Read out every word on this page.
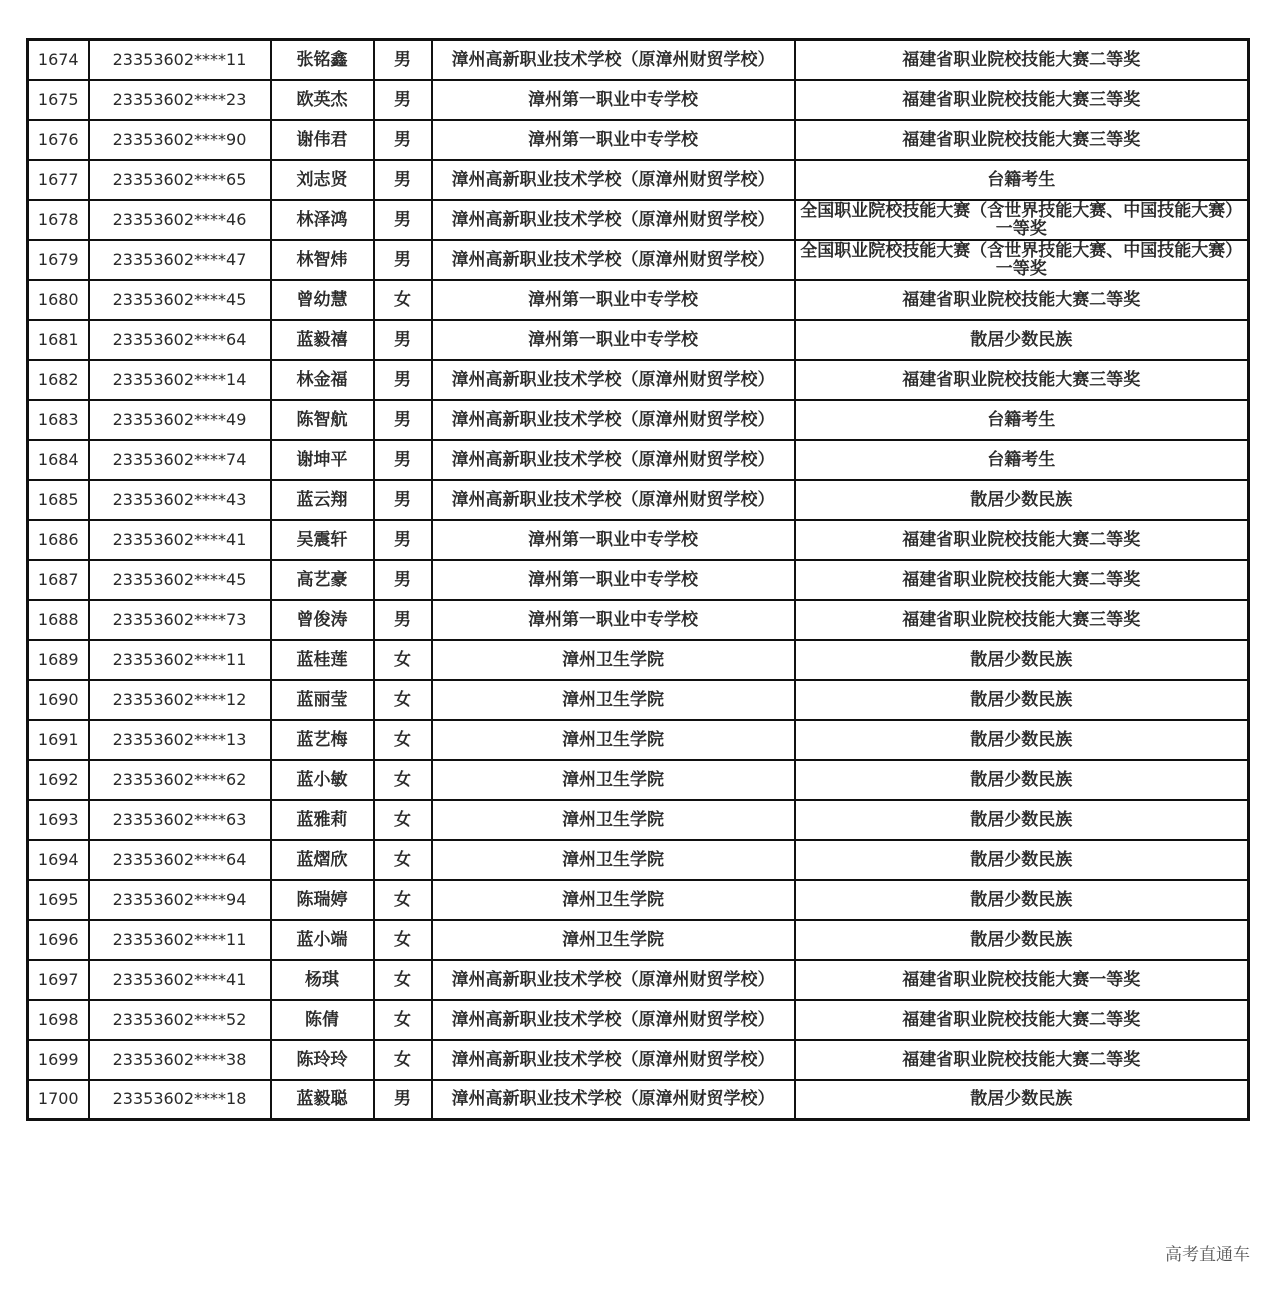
1674	23353602****11	张铭鑫	男	漳州高新职业技术学校（原漳州财贸学校）	福建省职业院校技能大赛二等奖
1675	23353602****23	欧英杰	男	漳州第一职业中专学校	福建省职业院校技能大赛三等奖
1676	23353602****90	谢伟君	男	漳州第一职业中专学校	福建省职业院校技能大赛三等奖
1677	23353602****65	刘志贤	男	漳州高新职业技术学校（原漳州财贸学校）	台籍考生
1678	23353602****46	林泽鸿	男	漳州高新职业技术学校（原漳州财贸学校）	全国职业院校技能大赛（含世界技能大赛、中国技能大赛）一等奖
1679	23353602****47	林智炜	男	漳州高新职业技术学校（原漳州财贸学校）	全国职业院校技能大赛（含世界技能大赛、中国技能大赛）一等奖
1680	23353602****45	曾幼慧	女	漳州第一职业中专学校	福建省职业院校技能大赛二等奖
1681	23353602****64	蓝毅禧	男	漳州第一职业中专学校	散居少数民族
1682	23353602****14	林金福	男	漳州高新职业技术学校（原漳州财贸学校）	福建省职业院校技能大赛三等奖
1683	23353602****49	陈智航	男	漳州高新职业技术学校（原漳州财贸学校）	台籍考生
1684	23353602****74	谢坤平	男	漳州高新职业技术学校（原漳州财贸学校）	台籍考生
1685	23353602****43	蓝云翔	男	漳州高新职业技术学校（原漳州财贸学校）	散居少数民族
1686	23353602****41	吴震轩	男	漳州第一职业中专学校	福建省职业院校技能大赛二等奖
1687	23353602****45	高艺豪	男	漳州第一职业中专学校	福建省职业院校技能大赛二等奖
1688	23353602****73	曾俊涛	男	漳州第一职业中专学校	福建省职业院校技能大赛三等奖
1689	23353602****11	蓝桂莲	女	漳州卫生学院	散居少数民族
1690	23353602****12	蓝丽莹	女	漳州卫生学院	散居少数民族
1691	23353602****13	蓝艺梅	女	漳州卫生学院	散居少数民族
1692	23353602****62	蓝小敏	女	漳州卫生学院	散居少数民族
1693	23353602****63	蓝雅莉	女	漳州卫生学院	散居少数民族
1694	23353602****64	蓝熠欣	女	漳州卫生学院	散居少数民族
1695	23353602****94	陈瑞婷	女	漳州卫生学院	散居少数民族
1696	23353602****11	蓝小端	女	漳州卫生学院	散居少数民族
1697	23353602****41	杨琪	女	漳州高新职业技术学校（原漳州财贸学校）	福建省职业院校技能大赛一等奖
1698	23353602****52	陈倩	女	漳州高新职业技术学校（原漳州财贸学校）	福建省职业院校技能大赛二等奖
1699	23353602****38	陈玲玲	女	漳州高新职业技术学校（原漳州财贸学校）	福建省职业院校技能大赛二等奖
1700	23353602****18	蓝毅聪	男	漳州高新职业技术学校（原漳州财贸学校）	散居少数民族
高考直通车
